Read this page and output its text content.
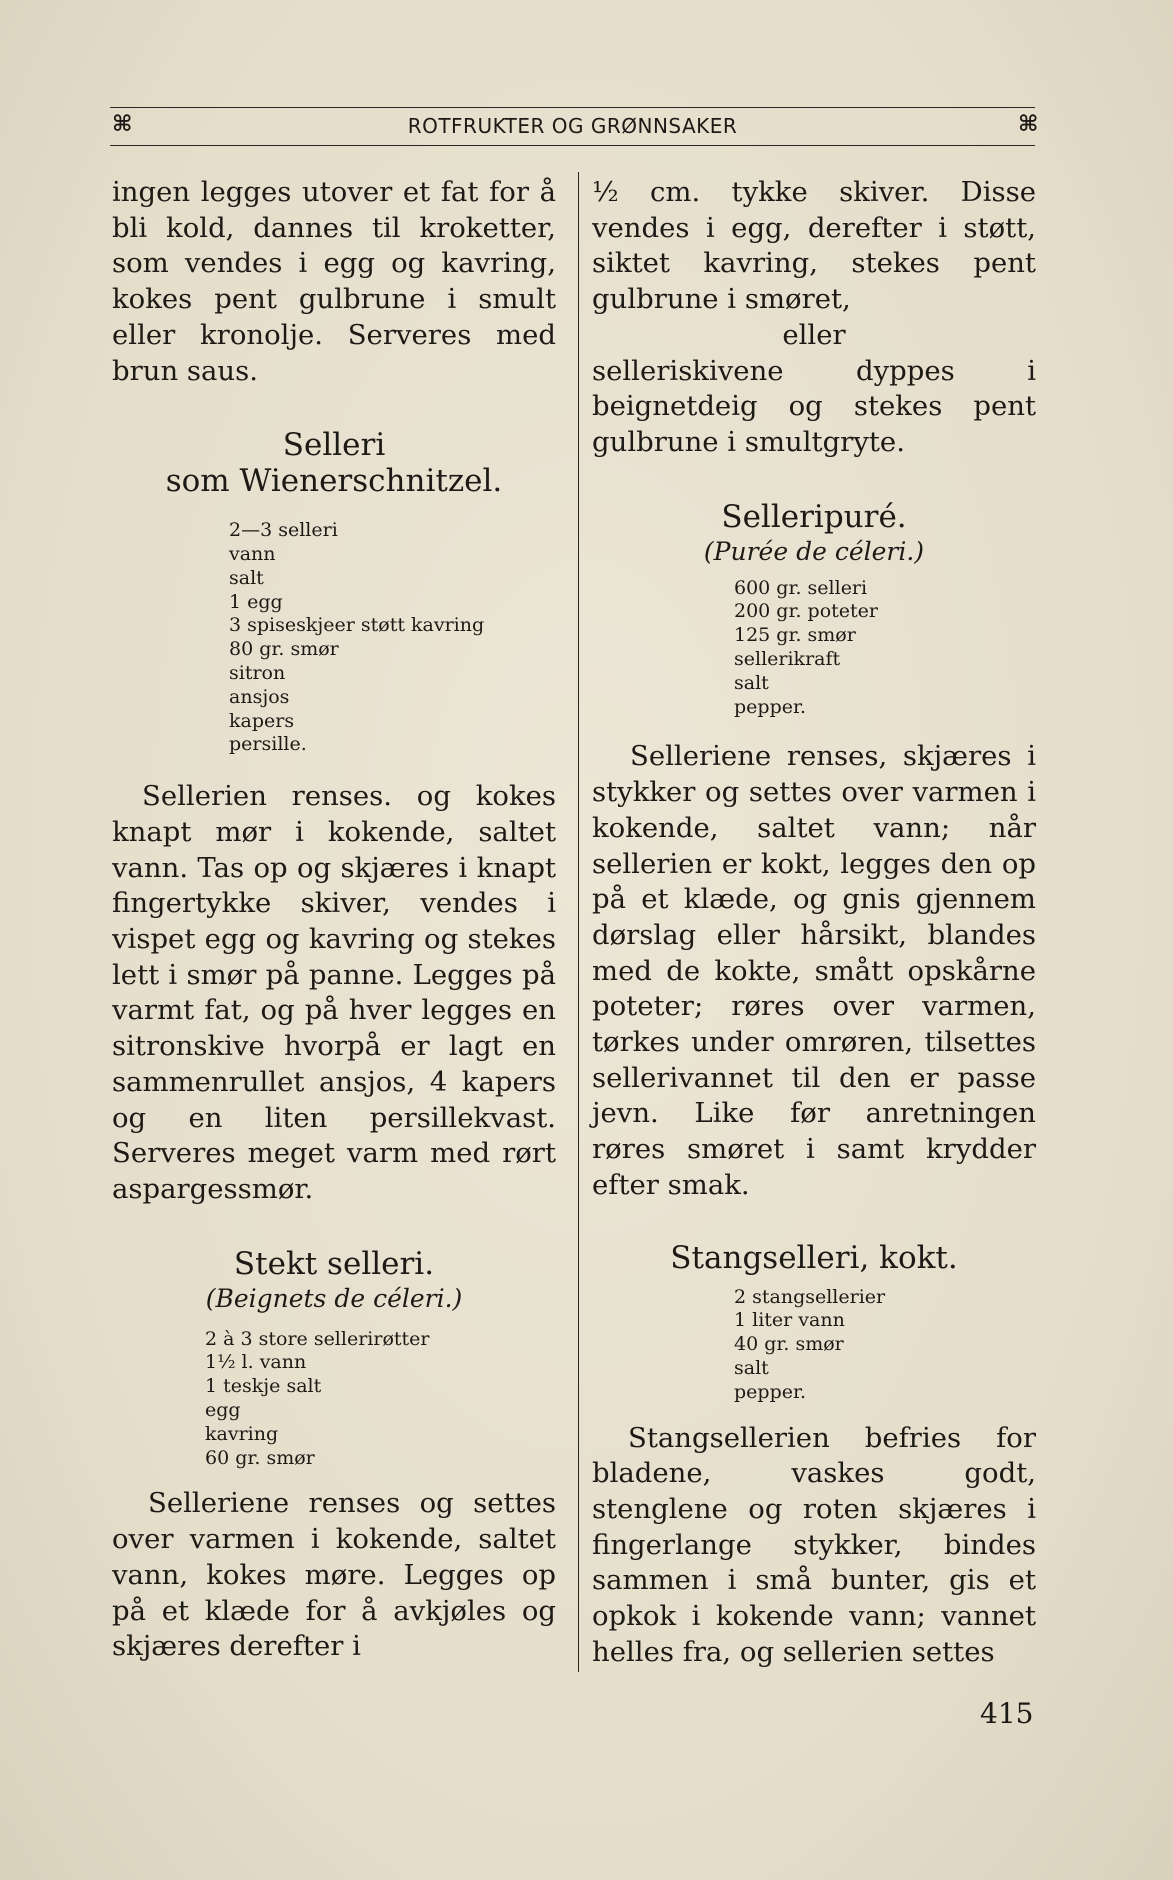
⌘	ROTFRUKTER OG GRØNNSAKER	⌘

ingen legges utover et fat for å bli kold, dannes til kroketter, som vendes i egg og kavring, kokes pent gulbrune i smult eller kronolje. Serveres med brun saus.

Selleri

som Wienerschnitzel.

2—3 selleri
vann
salt
1 egg
3 spiseskjeer støtt kavring
80 gr. smør
sitron
ansjos
kapers
persille.

Sellerien renses. og kokes knapt mør i kokende, saltet vann. Tas op og skjæres i knapt fingertykke skiver, vendes i vispet egg og kavring og stekes lett i smør på panne. Legges på varmt fat, og på hver legges en sitronskive hvorpå er lagt en sammenrullet ansjos, 4 kapers og en liten persillekvast. Serveres meget varm med rørt aspargessmør.

Stekt selleri.

(Beignets de céleri.)

2 à 3 store sellerirøtter
1½ l. vann
1 teskje salt
egg
kavring
60 gr. smør

Selleriene renses og settes over varmen i kokende, saltet vann, kokes møre. Legges op på et klæde for å avkjøles og skjæres derefter i

½ cm. tykke skiver. Disse vendes i egg, derefter i støtt, siktet kavring, stekes pent gulbrune i smøret,

eller

selleriskivene dyppes i beignetdeig og stekes pent gulbrune i smultgryte.

Selleripuré.

(Purée de céleri.)

600 gr. selleri
200 gr. poteter
125 gr. smør
sellerikraft
salt
pepper.

Selleriene renses, skjæres i stykker og settes over varmen i kokende, saltet vann; når sellerien er kokt, legges den op på et klæde, og gnis gjennem dørslag eller hårsikt, blandes med de kokte, smått opskårne poteter; røres over varmen, tørkes under omrøren, tilsettes sellerivannet til den er passe jevn. Like før anretningen røres smøret i samt krydder efter smak.

Stangselleri, kokt.

2 stangsellerier
1 liter vann
40 gr. smør
salt
pepper.

Stangsellerien befries for bladene, vaskes godt, stenglene og roten skjæres i fingerlange stykker, bindes sammen i små bunter, gis et opkok i kokende vann; vannet helles fra, og sellerien settes

415
